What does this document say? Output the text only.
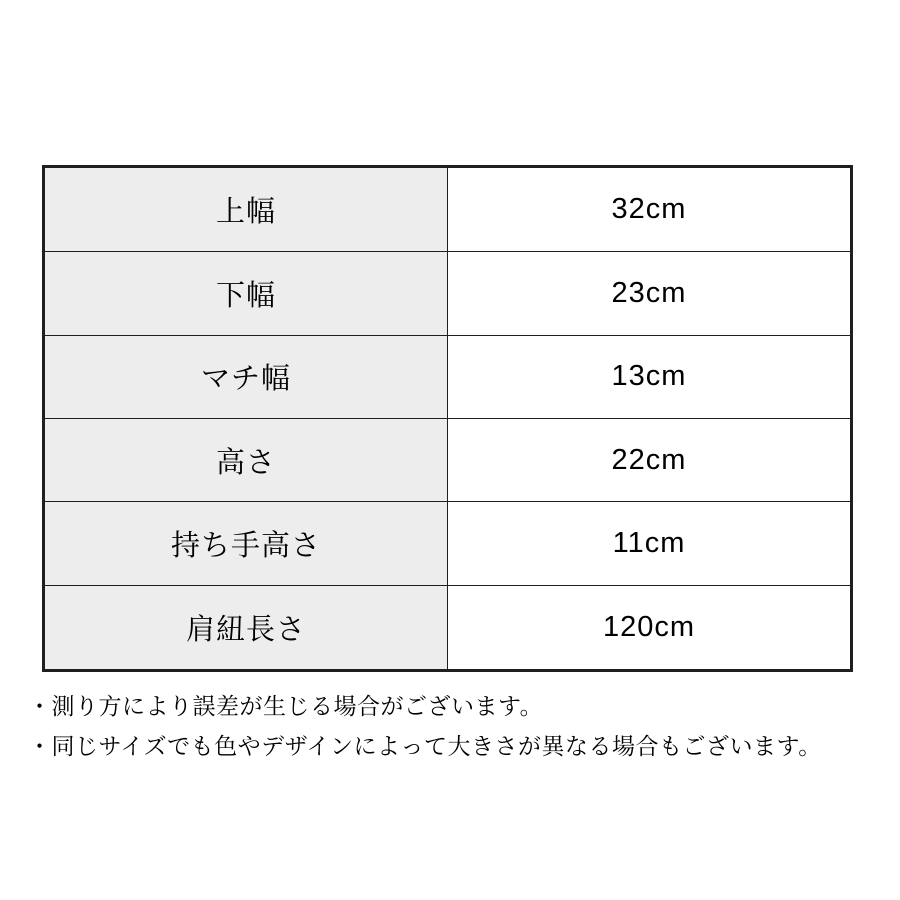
上幅	32cm
下幅	23cm
マチ幅	13cm
高さ	22cm
持ち手高さ	11cm
肩紐長さ	120cm
・測り方により誤差が生じる場合がございます。
・同じサイズでも色やデザインによって大きさが異なる場合もございます。
